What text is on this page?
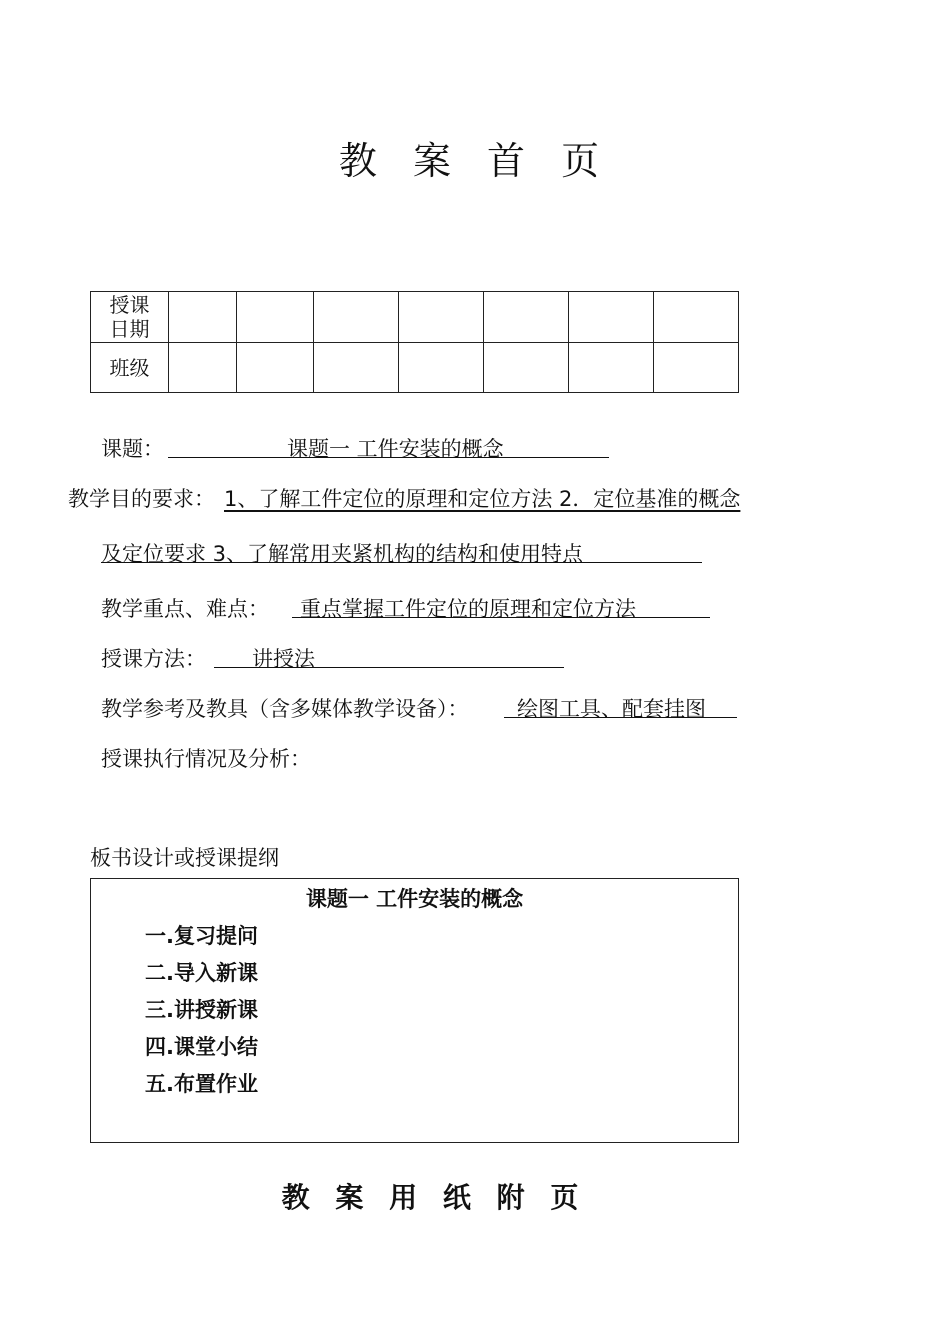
教 案 首 页
授课
日期							

班级							
课题：	课题一 工件安装的概念
教学目的要求： 1、了解工件定位的原理和定位方法 2．定位基准的概念
及定位要求 3、了解常用夹紧机构的结构和使用特点
教学重点、难点： 重点掌握工件定位的原理和定位方法
授课方法： 讲授法
教学参考及教具（含多媒体教学设备）： 绘图工具、配套挂图
授课执行情况及分析：
板书设计或授课提纲
课题一 工件安装的概念
一.复习提问
二.导入新课
三.讲授新课
四.课堂小结
五.布置作业
教 案 用 纸 附 页
